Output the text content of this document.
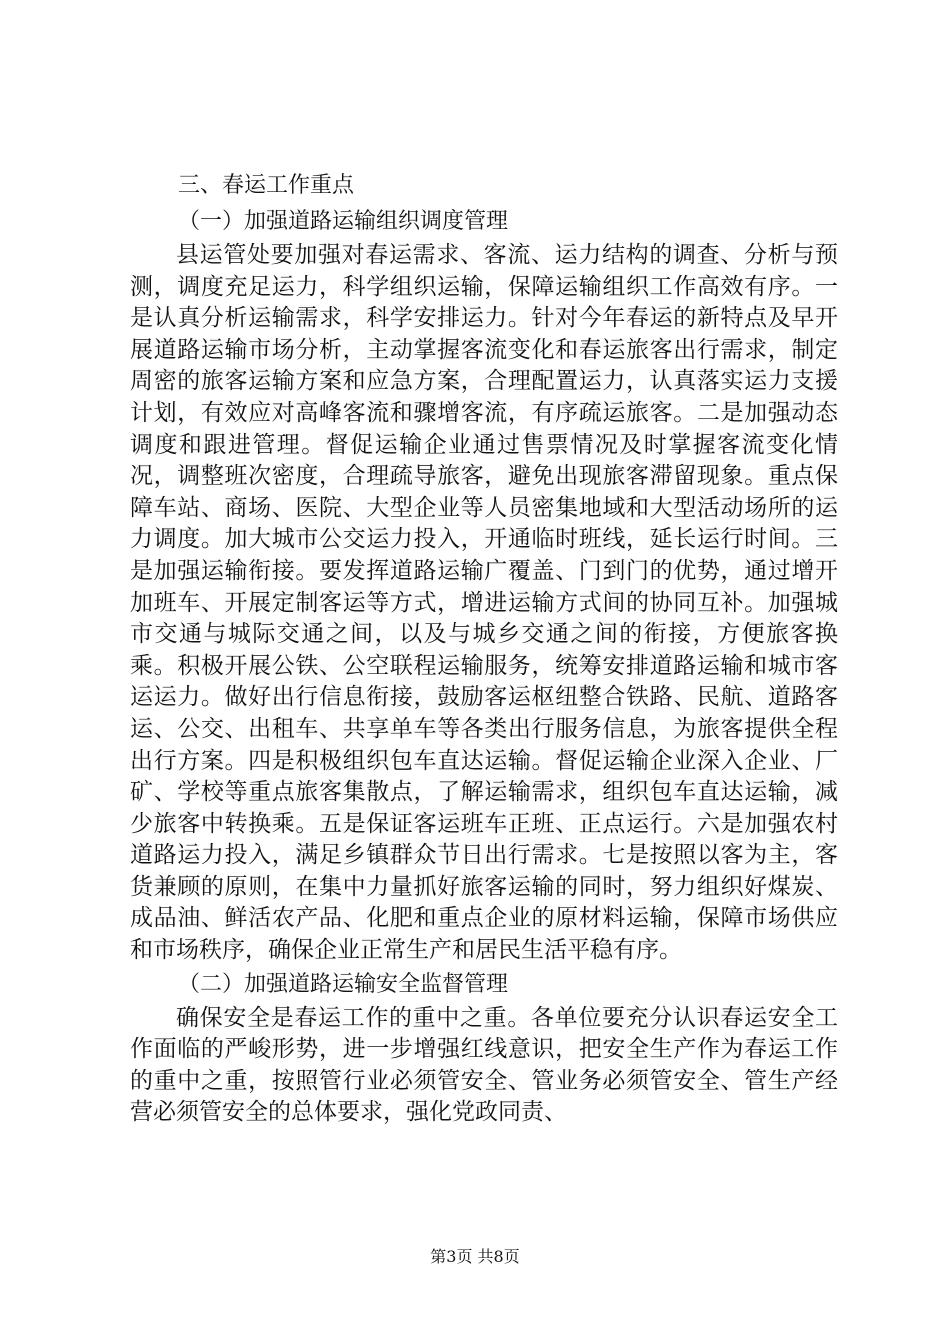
三、春运工作重点
（一）加强道路运输组织调度管理

县运管处要加强对春运需求、客流、运力结构的调查、分析与预测，调度充足运力，科学组织运输，保障运输组织工作高效有序。一是认真分析运输需求，科学安排运力。针对今年春运的新特点及早开展道路运输市场分析，主动掌握客流变化和春运旅客出行需求，制定周密的旅客运输方案和应急方案，合理配置运力，认真落实运力支援计划，有效应对高峰客流和骤增客流，有序疏运旅客。二是加强动态调度和跟进管理。督促运输企业通过售票情况及时掌握客流变化情况，调整班次密度，合理疏导旅客，避免出现旅客滞留现象。重点保障车站、商场、医院、大型企业等人员密集地域和大型活动场所的运力调度。加大城市公交运力投入，开通临时班线，延长运行时间。三是加强运输衔接。要发挥道路运输广覆盖、门到门的优势，通过增开加班车、开展定制客运等方式，增进运输方式间的协同互补。加强城市交通与城际交通之间，以及与城乡交通之间的衔接，方便旅客换乘。积极开展公铁、公空联程运输服务，统筹安排道路运输和城市客运运力。做好出行信息衔接，鼓励客运枢纽整合铁路、民航、道路客运、公交、出租车、共享单车等各类出行服务信息，为旅客提供全程出行方案。四是积极组织包车直达运输。督促运输企业深入企业、厂矿、学校等重点旅客集散点，了解运输需求，组织包车直达运输，减少旅客中转换乘。五是保证客运班车正班、正点运行。六是加强农村道路运力投入，满足乡镇群众节日出行需求。七是按照以客为主，客货兼顾的原则，在集中力量抓好旅客运输的同时，努力组织好煤炭、成品油、鲜活农产品、化肥和重点企业的原材料运输，保障市场供应和市场秩序，确保企业正常生产和居民生活平稳有序。

（二）加强道路运输安全监督管理

确保安全是春运工作的重中之重。各单位要充分认识春运安全工作面临的严峻形势，进一步增强红线意识，把安全生产作为春运工作的重中之重，按照管行业必须管安全、管业务必须管安全、管生产经营必须管安全的总体要求，强化党政同责、

第3页 共8页
